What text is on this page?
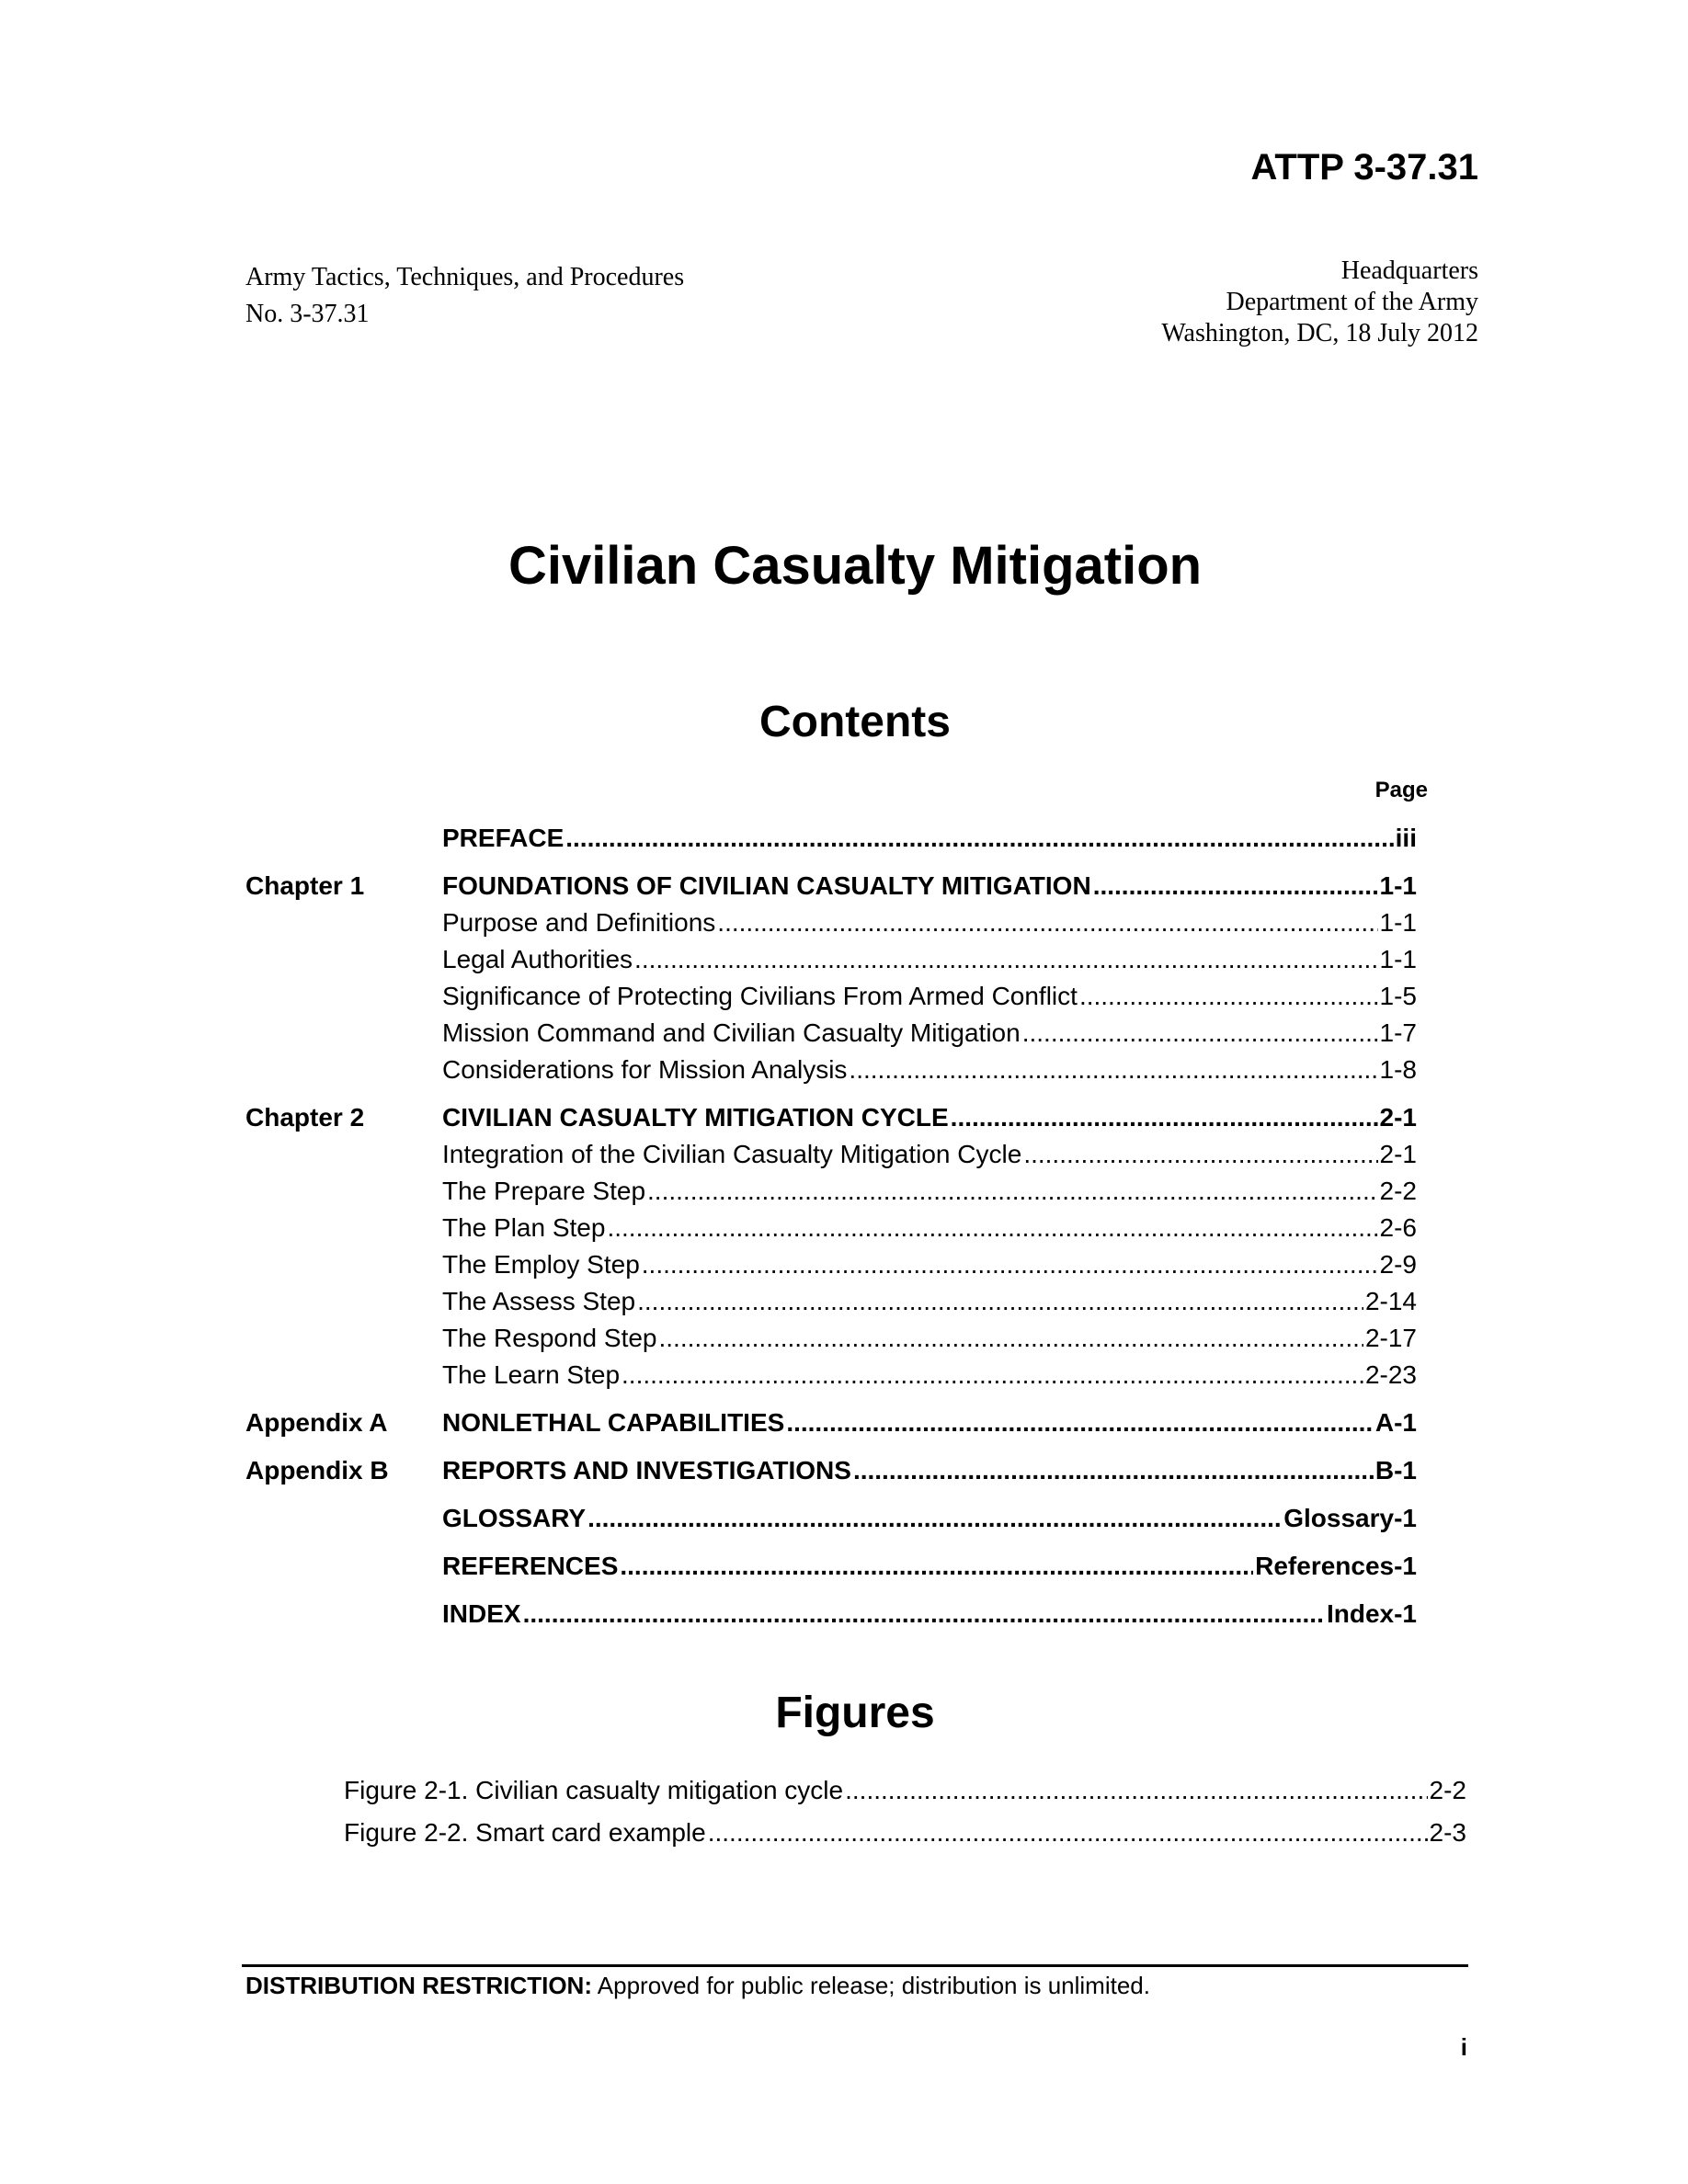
ATTP 3-37.31
Army Tactics, Techniques, and Procedures
No. 3-37.31
Headquarters
Department of the Army
Washington, DC, 18 July 2012
Civilian Casualty Mitigation
Contents
Page
PREFACE .....	iii
Chapter 1	FOUNDATIONS OF CIVILIAN CASUALTY MITIGATION .....	1-1
Purpose and Definitions .....	1-1
Legal Authorities .....	1-1
Significance of Protecting Civilians From Armed Conflict .....	1-5
Mission Command and Civilian Casualty Mitigation .....	1-7
Considerations for Mission Analysis .....	1-8
Chapter 2	CIVILIAN CASUALTY MITIGATION CYCLE .....	2-1
Integration of the Civilian Casualty Mitigation Cycle .....	2-1
The Prepare Step .....	2-2
The Plan Step .....	2-6
The Employ Step .....	2-9
The Assess Step .....	2-14
The Respond Step .....	2-17
The Learn Step .....	2-23
Appendix A NONLETHAL CAPABILITIES .....	A-1
Appendix B REPORTS AND INVESTIGATIONS .....	B-1
GLOSSARY .....	Glossary-1
REFERENCES .....	References-1
INDEX .....	Index-1
Figures
Figure 2-1. Civilian casualty mitigation cycle .....	2-2
Figure 2-2. Smart card example .....	2-3
DISTRIBUTION RESTRICTION: Approved for public release; distribution is unlimited.
i
